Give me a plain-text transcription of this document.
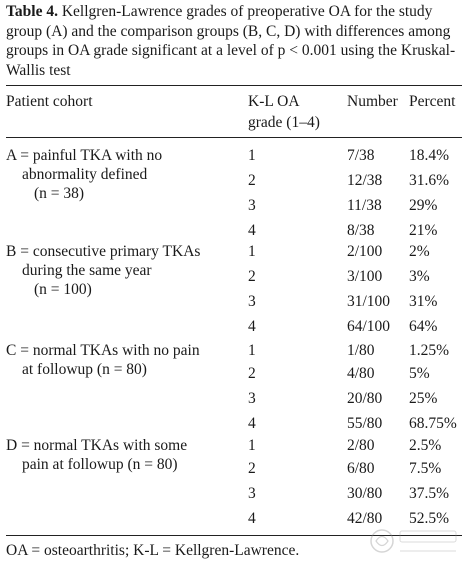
Table 4. Kellgren-Lawrence grades of preoperative OA for the study group (A) and the comparison groups (B, C, D) with differences among groups in OA grade significant at a level of p < 0.001 using the Kruskal-Wallis test
Patient cohort	K-L OA
grade (1–4)
Number Percent
A = painful TKA with no
abnormality defined
(n = 38)
1	7/38 18.4%
2	12/38 31.6%
3	11/38 29%
4	8/38 21%
B = consecutive primary TKAs
during the same year
(n = 100)
1	2/100 2%
2	3/100 3%
3	31/100 31%
4	64/100 64%
C = normal TKAs with no pain
at followup (n = 80)
1	1/80 1.25%
2	4/80 5%
3	20/80 25%
4	55/80 68.75%
D = normal TKAs with some
pain at followup (n = 80)
1	2/80 2.5%
2	6/80 7.5%
3	30/80 37.5%
4	42/80 52.5%
OA = osteoarthritis; K-L = Kellgren-Lawrence.
